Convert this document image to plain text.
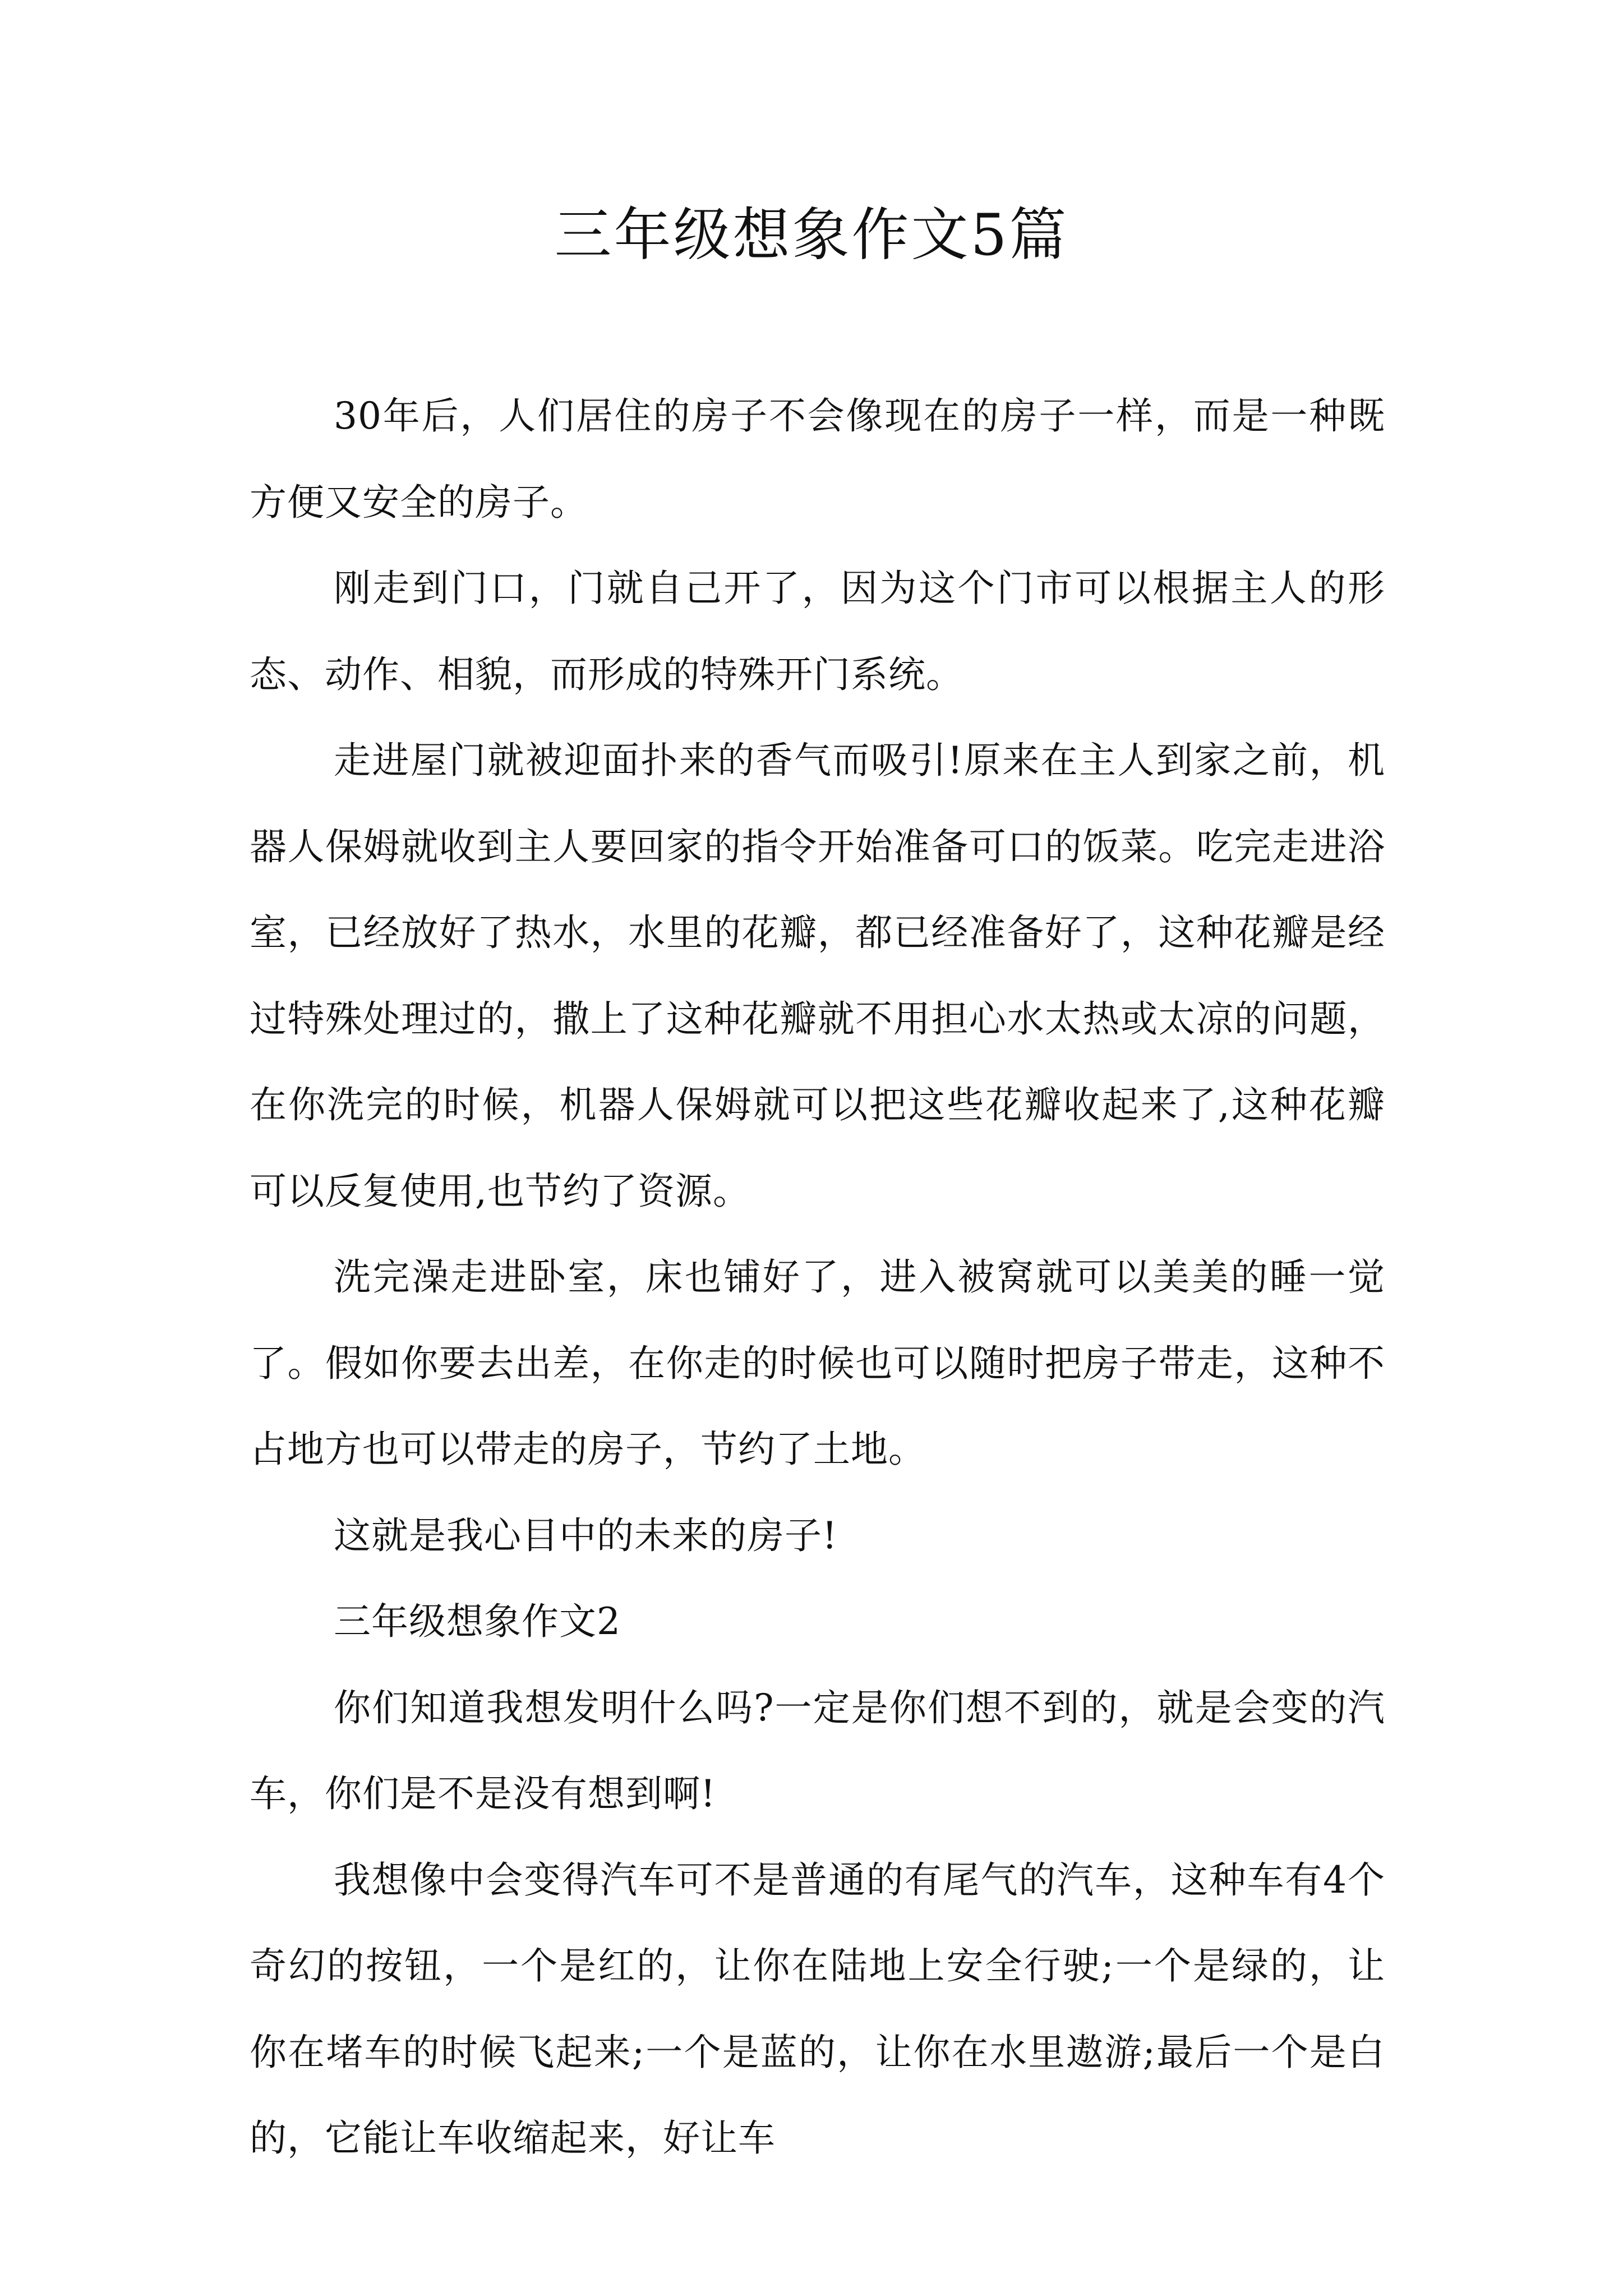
三年级想象作文5篇

30年后，人们居住的房子不会像现在的房子一样，而是一种既方便又安全的房子。

刚走到门口，门就自己开了，因为这个门市可以根据主人的形态、动作、相貌，而形成的特殊开门系统。

走进屋门就被迎面扑来的香气而吸引!原来在主人到家之前，机器人保姆就收到主人要回家的指令开始准备可口的饭菜。吃完走进浴室，已经放好了热水，水里的花瓣，都已经准备好了，这种花瓣是经过特殊处理过的，撒上了这种花瓣就不用担心水太热或太凉的问题，在你洗完的时候，机器人保姆就可以把这些花瓣收起来了,这种花瓣可以反复使用,也节约了资源。

洗完澡走进卧室，床也铺好了，进入被窝就可以美美的睡一觉了。假如你要去出差，在你走的时候也可以随时把房子带走，这种不占地方也可以带走的房子，节约了土地。

这就是我心目中的未来的房子!

三年级想象作文2

你们知道我想发明什么吗?一定是你们想不到的，就是会变的汽车，你们是不是没有想到啊!

我想像中会变得汽车可不是普通的有尾气的汽车，这种车有4个奇幻的按钮，一个是红的，让你在陆地上安全行驶;一个是绿的，让你在堵车的时候飞起来;一个是蓝的，让你在水里遨游;最后一个是白的，它能让车收缩起来，好让车
